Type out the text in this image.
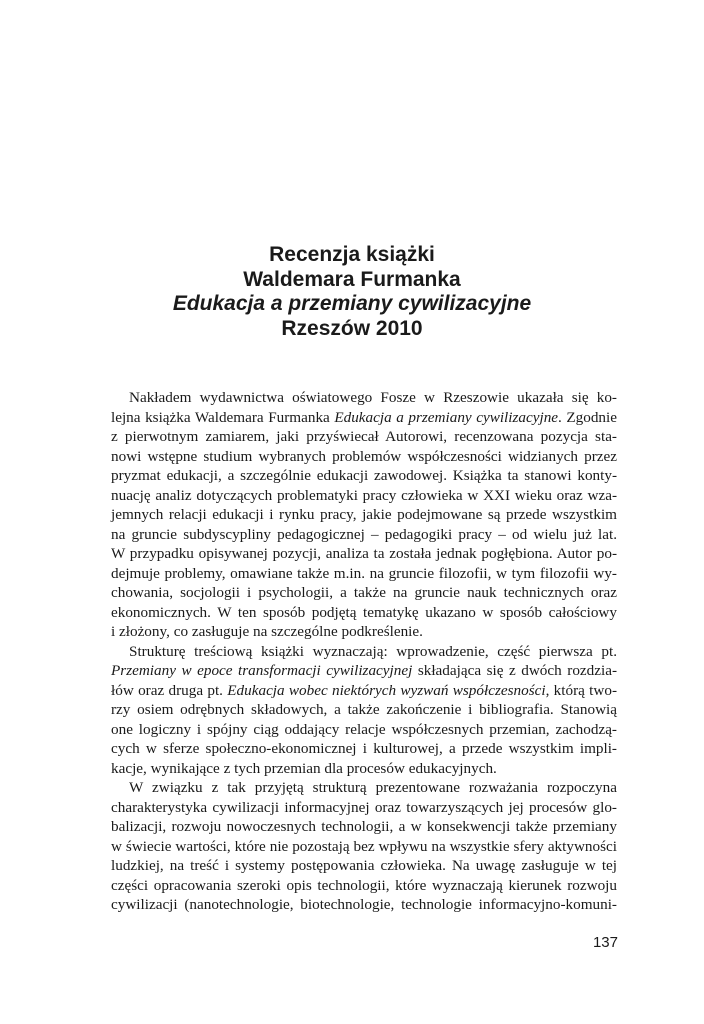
Recenzja książki
Waldemara Furmanka
Edukacja a przemiany cywilizacyjne
Rzeszów 2010
Nakładem wydawnictwa oświatowego Fosze w Rzeszowie ukazała się ko-
lejna książka Waldemara Furmanka Edukacja a przemiany cywilizacyjne. Zgodnie
z pierwotnym zamiarem, jaki przyświecał Autorowi, recenzowana pozycja sta-
nowi wstępne studium wybranych problemów współczesności widzianych przez
pryzmat edukacji, a szczególnie edukacji zawodowej. Książka ta stanowi konty-
nuację analiz dotyczących problematyki pracy człowieka w XXI wieku oraz wza-
jemnych relacji edukacji i rynku pracy, jakie podejmowane są przede wszystkim
na gruncie subdyscypliny pedagogicznej – pedagogiki pracy – od wielu już lat.
W przypadku opisywanej pozycji, analiza ta została jednak pogłębiona. Autor po-
dejmuje problemy, omawiane także m.in. na gruncie filozofii, w tym filozofii wy-
chowania, socjologii i psychologii, a także na gruncie nauk technicznych oraz
ekonomicznych. W ten sposób podjętą tematykę ukazano w sposób całościowy
i złożony, co zasługuje na szczególne podkreślenie.
Strukturę treściową książki wyznaczają: wprowadzenie, część pierwsza pt.
Przemiany w epoce transformacji cywilizacyjnej składająca się z dwóch rozdzia-
łów oraz druga pt. Edukacja wobec niektórych wyzwań współczesności, którą two-
rzy osiem odrębnych składowych, a także zakończenie i bibliografia. Stanowią
one logiczny i spójny ciąg oddający relacje współczesnych przemian, zachodzą-
cych w sferze społeczno-ekonomicznej i kulturowej, a przede wszystkim impli-
kacje, wynikające z tych przemian dla procesów edukacyjnych.
W związku z tak przyjętą strukturą prezentowane rozważania rozpoczyna
charakterystyka cywilizacji informacyjnej oraz towarzyszących jej procesów glo-
balizacji, rozwoju nowoczesnych technologii, a w konsekwencji także przemiany
w świecie wartości, które nie pozostają bez wpływu na wszystkie sfery aktywności
ludzkiej, na treść i systemy postępowania człowieka. Na uwagę zasługuje w tej
części opracowania szeroki opis technologii, które wyznaczają kierunek rozwoju
cywilizacji (nanotechnologie, biotechnologie, technologie informacyjno-komuni-
137
